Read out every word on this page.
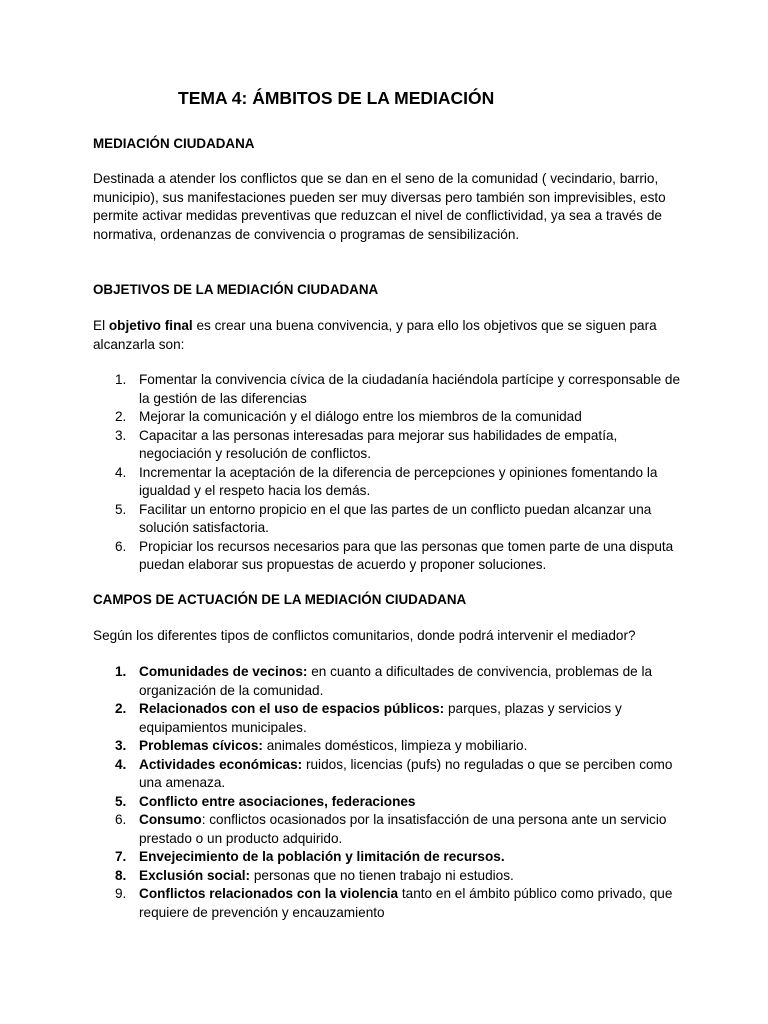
TEMA 4: ÁMBITOS DE LA MEDIACIÓN
MEDIACIÓN CIUDADANA

Destinada a atender los conflictos que se dan en el seno de la comunidad ( vecindario, barrio, municipio), sus manifestaciones pueden ser muy diversas pero también son imprevisibles, esto permite activar medidas preventivas que reduzcan el nivel de conflictividad, ya sea a través de normativa, ordenanzas de convivencia o programas de sensibilización.

OBJETIVOS DE LA MEDIACIÓN CIUDADANA

El objetivo final es crear una buena convivencia, y para ello los objetivos que se siguen para alcanzarla son:

1. Fomentar la convivencia cívica de la ciudadanía haciéndola partícipe y corresponsable de la gestión de las diferencias
2. Mejorar la comunicación y el diálogo entre los miembros de la comunidad
3. Capacitar a las personas interesadas para mejorar sus habilidades de empatía, negociación y resolución de conflictos.
4. Incrementar la aceptación de la diferencia de percepciones y opiniones fomentando la igualdad y el respeto hacia los demás.
5. Facilitar un entorno propicio en el que las partes de un conflicto puedan alcanzar una solución satisfactoria.
6. Propiciar los recursos necesarios para que las personas que tomen parte de una disputa puedan elaborar sus propuestas de acuerdo y proponer soluciones.
CAMPOS DE ACTUACIÓN DE LA MEDIACIÓN CIUDADANA

Según los diferentes tipos de conflictos comunitarios, donde podrá intervenir el mediador?

1. Comunidades de vecinos: en cuanto a dificultades de convivencia, problemas de la organización de la comunidad.
2. Relacionados con el uso de espacios públicos: parques, plazas y servicios y equipamientos municipales.
3. Problemas cívicos: animales domésticos, limpieza y mobiliario.
4. Actividades económicas: ruidos, licencias (pufs) no reguladas o que se perciben como una amenaza.
5. Conflicto entre asociaciones, federaciones
6. Consumo: conflictos ocasionados por la insatisfacción de una persona ante un servicio prestado o un producto adquirido.
7. Envejecimiento de la población y limitación de recursos.
8. Exclusión social: personas que no tienen trabajo ni estudios.
9. Conflictos relacionados con la violencia tanto en el ámbito público como privado, que requiere de prevención y encauzamiento
